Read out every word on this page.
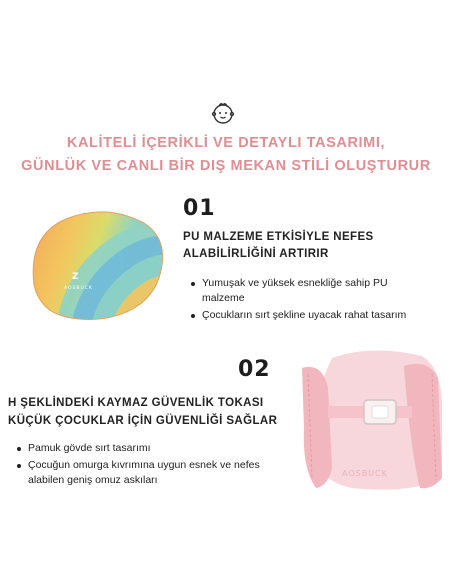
KALİTELİ İÇERİKLİ VE DETAYLI TASARIMI,
GÜNLÜK VE CANLI BİR DIŞ MEKAN STİLİ OLUŞTURUR
Z
AOSBUCK
01
PU MALZEME ETKİSİYLE NEFES
ALABİLİRLİĞİNİ ARTIRIR
Yumuşak ve yüksek esnekliğe sahip PU malzeme
Çocukların sırt şekline uyacak rahat tasarım
AOSBUCK
02
H ŞEKLİNDEKİ KAYMAZ GÜVENLİK TOKASI
KÜÇÜK ÇOCUKLAR İÇİN GÜVENLİĞİ SAĞLAR
Pamuk gövde sırt tasarımı
Çocuğun omurga kıvrımına uygun esnek ve nefes alabilen geniş omuz askıları
